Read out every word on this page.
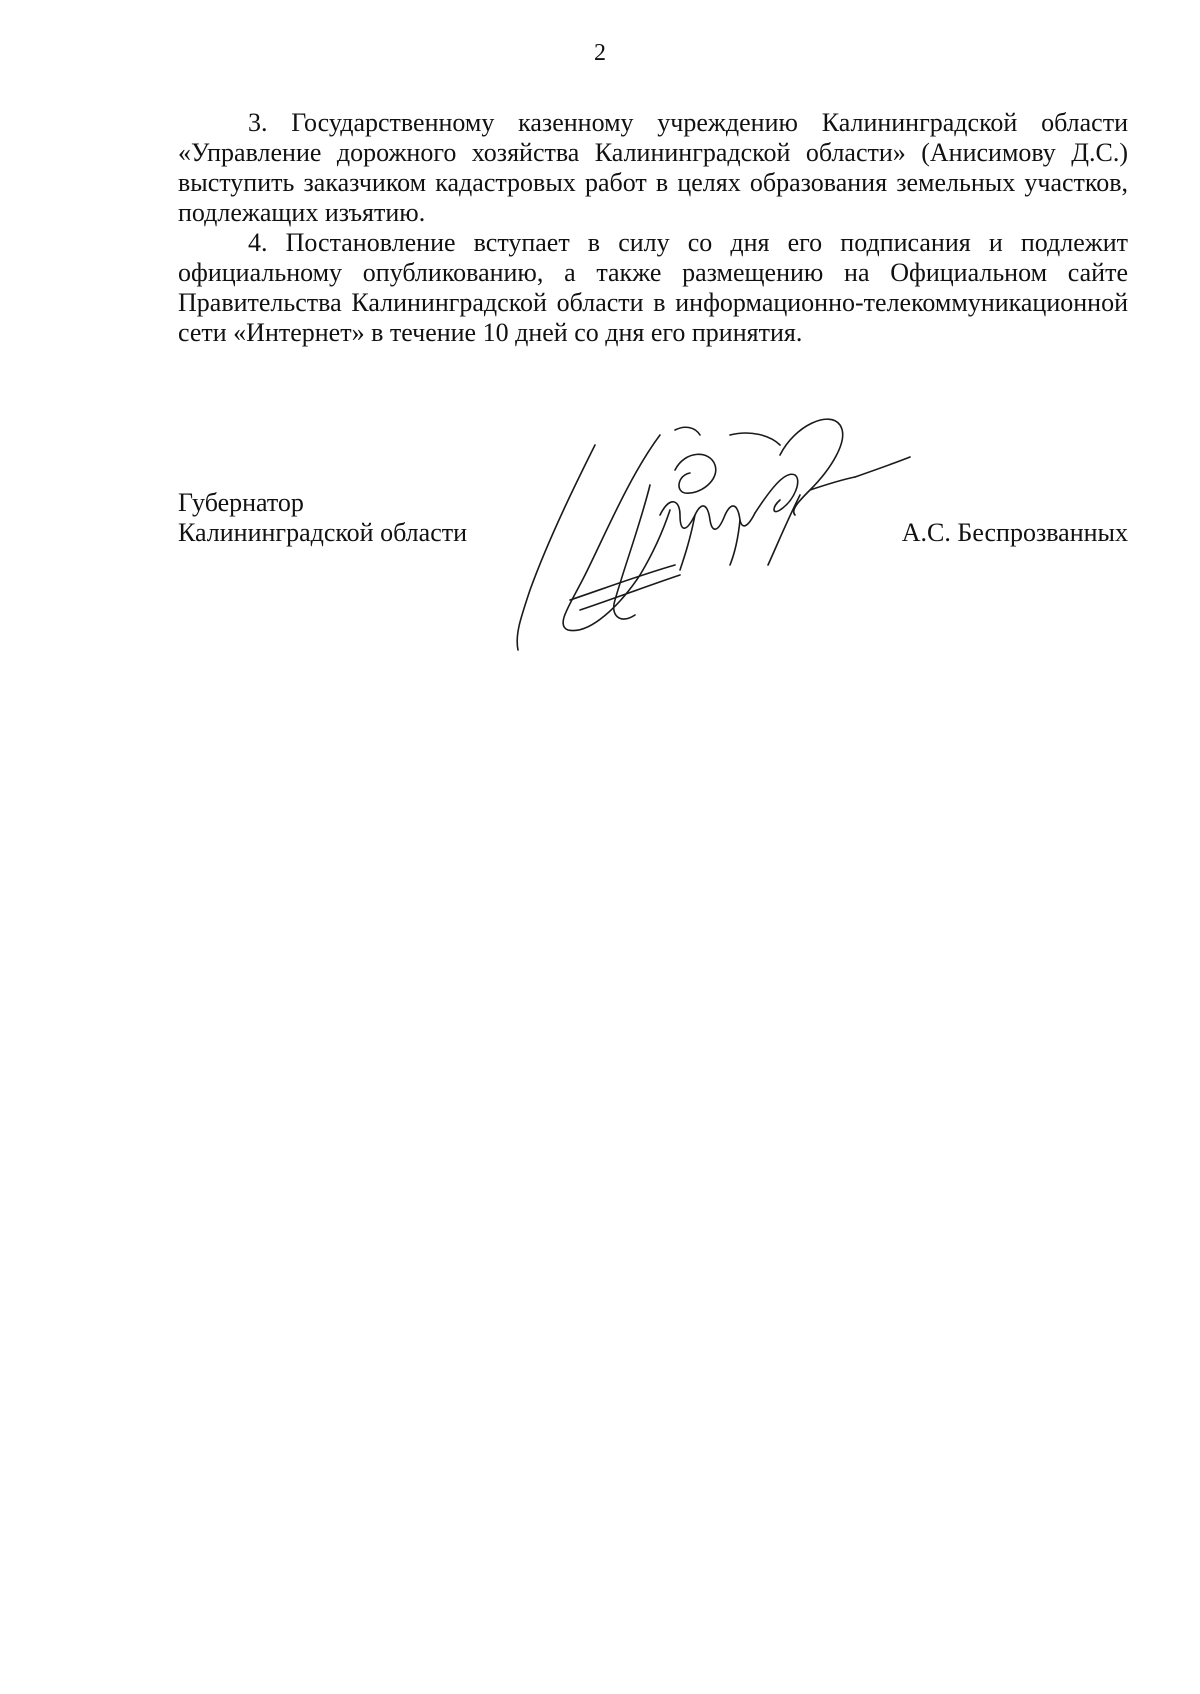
2

3. Государственному казенному учреждению Калининградской области «Управление дорожного хозяйства Калининградской области» (Анисимову Д.С.) выступить заказчиком кадастровых работ в целях образования земельных участков, подлежащих изъятию.

4. Постановление вступает в силу со дня его подписания и подлежит официальному опубликованию, а также размещению на Официальном сайте Правительства Калининградской области в информационно-телекоммуникационной сети «Интернет» в течение 10 дней со дня его принятия.

Губернатор
Калининградской области	А.С. Беспрозванных
